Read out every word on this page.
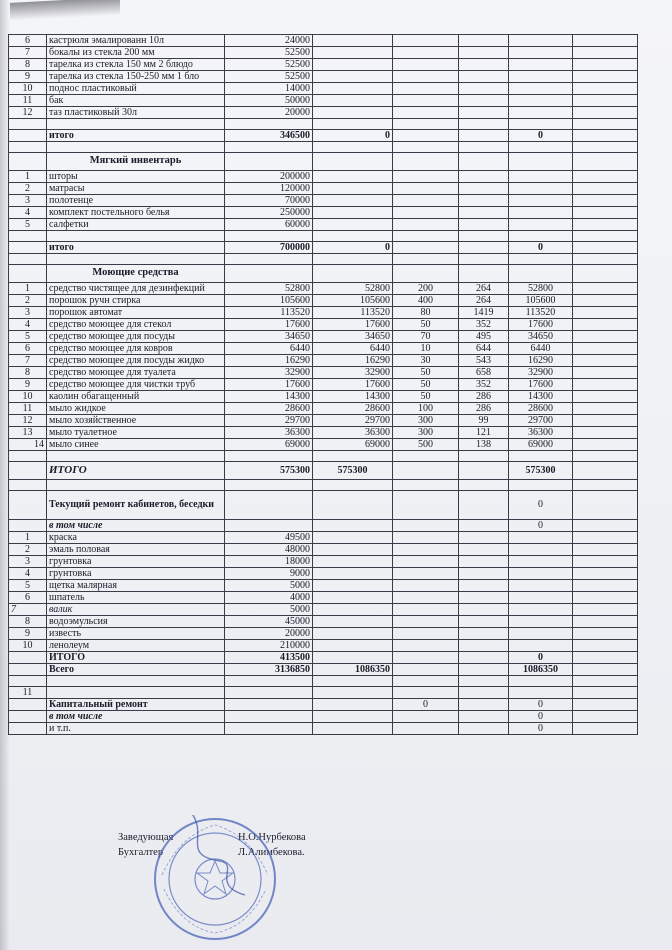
6	кастрюля эмалированн 10л	24000					
7	бокалы из стекла 200 мм	52500					
8	тарелка из стекла 150 мм 2 блюдо	52500					
9	тарелка из стекла 150-250 мм 1 бло	52500					
10	поднос пластиковый	14000					
11	бак	50000					
12	таз пластиковый 30л	20000					

	итого	346500	0			0	

	Мягкий инвентарь						
1	шторы	200000					
2	матрасы	120000					
3	полотенце	70000					
4	комплект постельного белья	250000					
5	салфетки	60000					

	итого	700000	0			0	

	Моющие средства						
1	средство чистящее для дезинфекций	52800	52800	200	264	52800	
2	порошок ручн стирка	105600	105600	400	264	105600	
3	порошок автомат	113520	113520	80	1419	113520	
4	средство моющее для стекол	17600	17600	50	352	17600	
5	средство моющее для посуды	34650	34650	70	495	34650	
6	средство моющее для ковров	6440	6440	10	644	6440	
7	средство моющее для посуды жидко	16290	16290	30	543	16290	
8	средство моющее для туалета	32900	32900	50	658	32900	
9	средство моющее для чистки труб	17600	17600	50	352	17600	
10	каолин обагащенный	14300	14300	50	286	14300	
11	мыло жидкое	28600	28600	100	286	28600	
12	мыло хозяйственное	29700	29700	300	99	29700	
13	мыло туалетное	36300	36300	300	121	36300	
14	мыло синее	69000	69000	500	138	69000	

	ИТОГО	575300	575300			575300	

	Текущий ремонт кабинетов, беседки					0	
	в том числе					0	
1	краска	49500					
2	эмаль половая	48000					
3	грунтовка	18000					
4	грунтовка	9000					
5	щетка малярная	5000					
6	шпатель	4000					
7	валик	5000					
8	водоэмульсия	45000					
9	известь	20000					
10	ленолеум	210000					
	ИТОГО	413500				0	
	Всего	3136850	1086350			1086350	

11							
	Капитальный ремонт			0		0	
	в том числе					0	
	и т.п.					0	
Заведующая	Н.О.Нурбекова
Бухгалтер	Л.Алимбекова.
